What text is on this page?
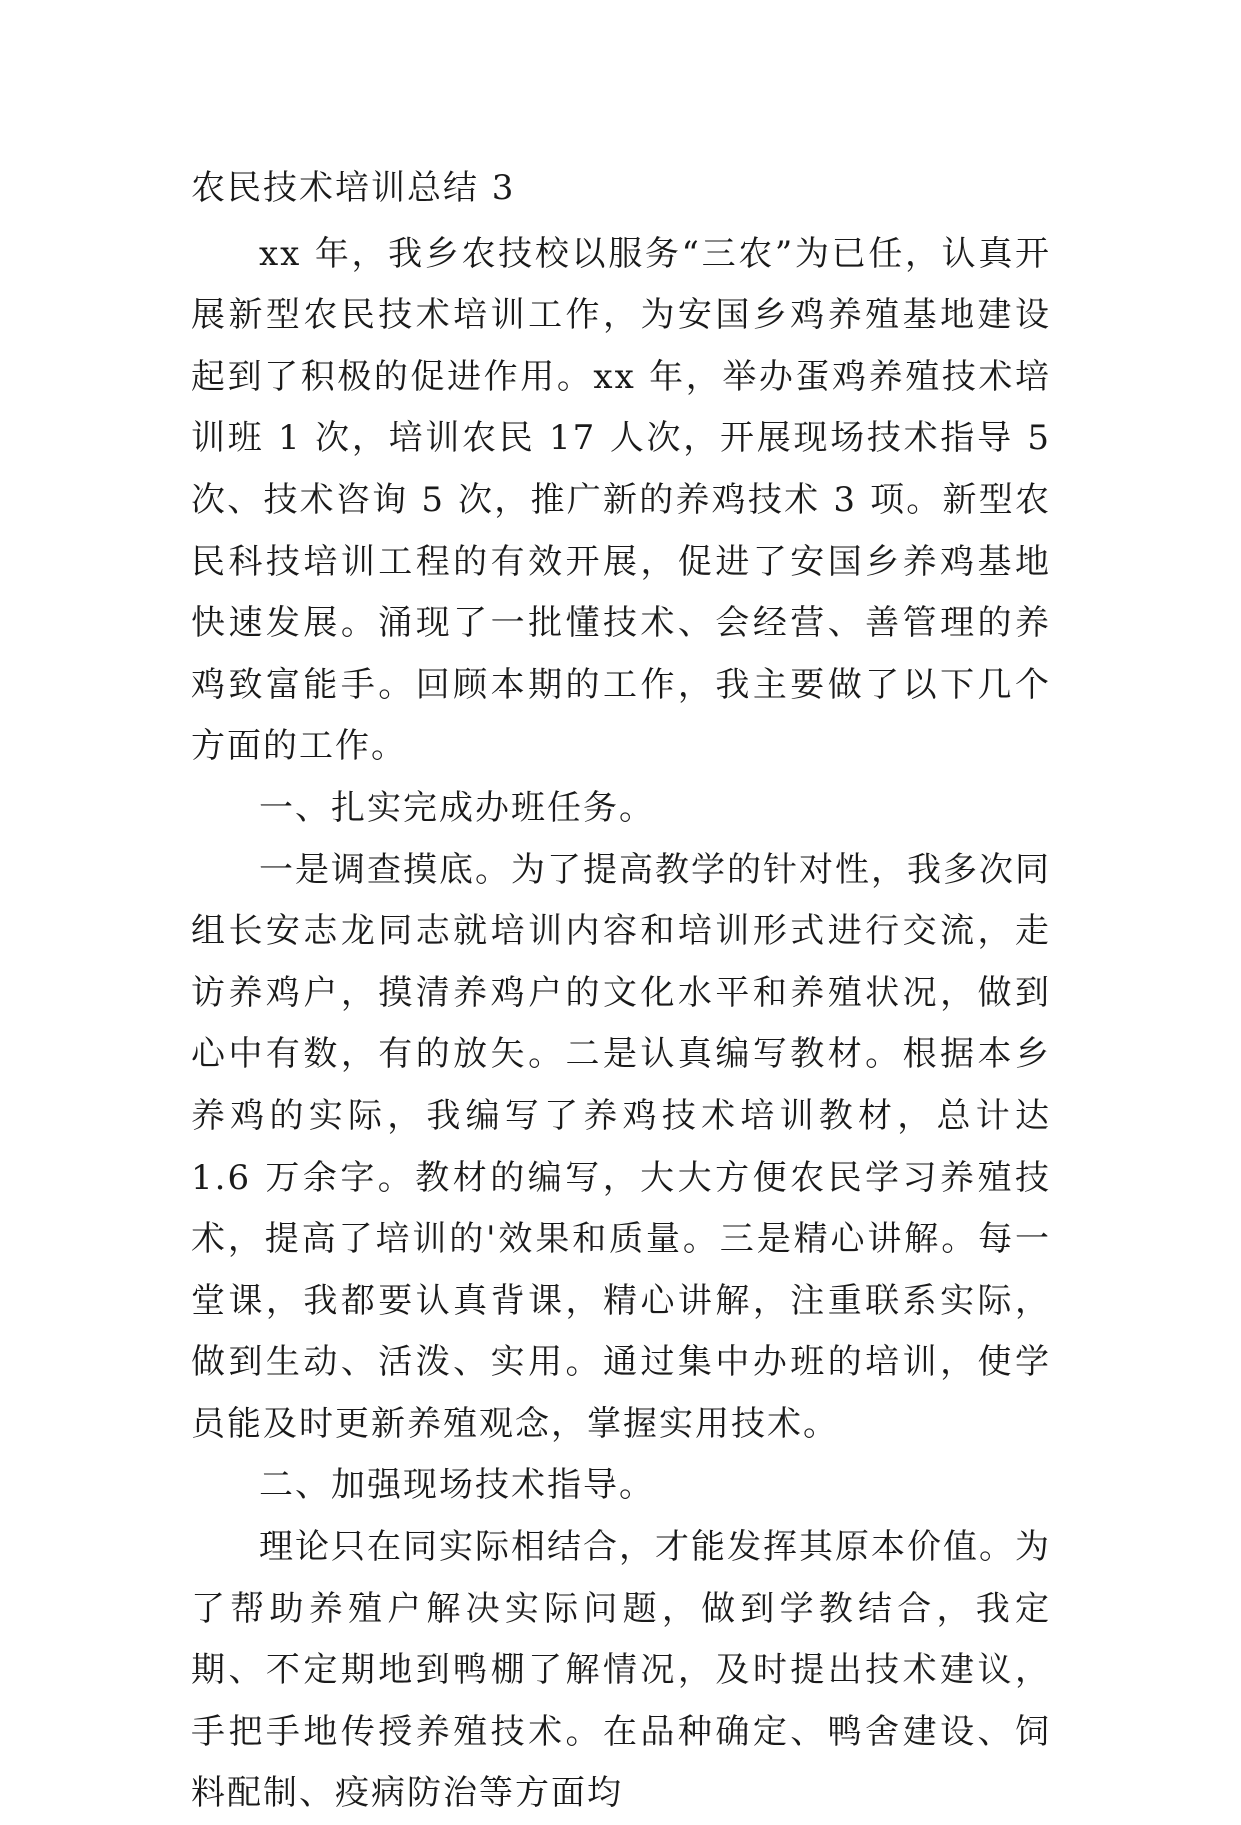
农民技术培训总结 3

xx 年，我乡农技校以服务“三农”为已任，认真开展新型农民技术培训工作，为安国乡鸡养殖基地建设起到了积极的促进作用。xx 年，举办蛋鸡养殖技术培训班 1 次，培训农民 17 人次，开展现场技术指导 5 次、技术咨询 5 次，推广新的养鸡技术 3 项。新型农民科技培训工程的有效开展，促进了安国乡养鸡基地快速发展。涌现了一批懂技术、会经营、善管理的养鸡致富能手。回顾本期的工作，我主要做了以下几个方面的工作。

一、扎实完成办班任务。

一是调查摸底。为了提高教学的针对性，我多次同组长安志龙同志就培训内容和培训形式进行交流，走访养鸡户，摸清养鸡户的文化水平和养殖状况，做到心中有数，有的放矢。二是认真编写教材。根据本乡养鸡的实际，我编写了养鸡技术培训教材，总计达 1.6 万余字。教材的编写，大大方便农民学习养殖技术，提高了培训的'效果和质量。三是精心讲解。每一堂课，我都要认真背课，精心讲解，注重联系实际，做到生动、活泼、实用。通过集中办班的培训，使学员能及时更新养殖观念，掌握实用技术。

二、加强现场技术指导。

理论只在同实际相结合，才能发挥其原本价值。为了帮助养殖户解决实际问题，做到学教结合，我定期、不定期地到鸭棚了解情况，及时提出技术建议，手把手地传授养殖技术。在品种确定、鸭舍建设、饲料配制、疫病防治等方面均
